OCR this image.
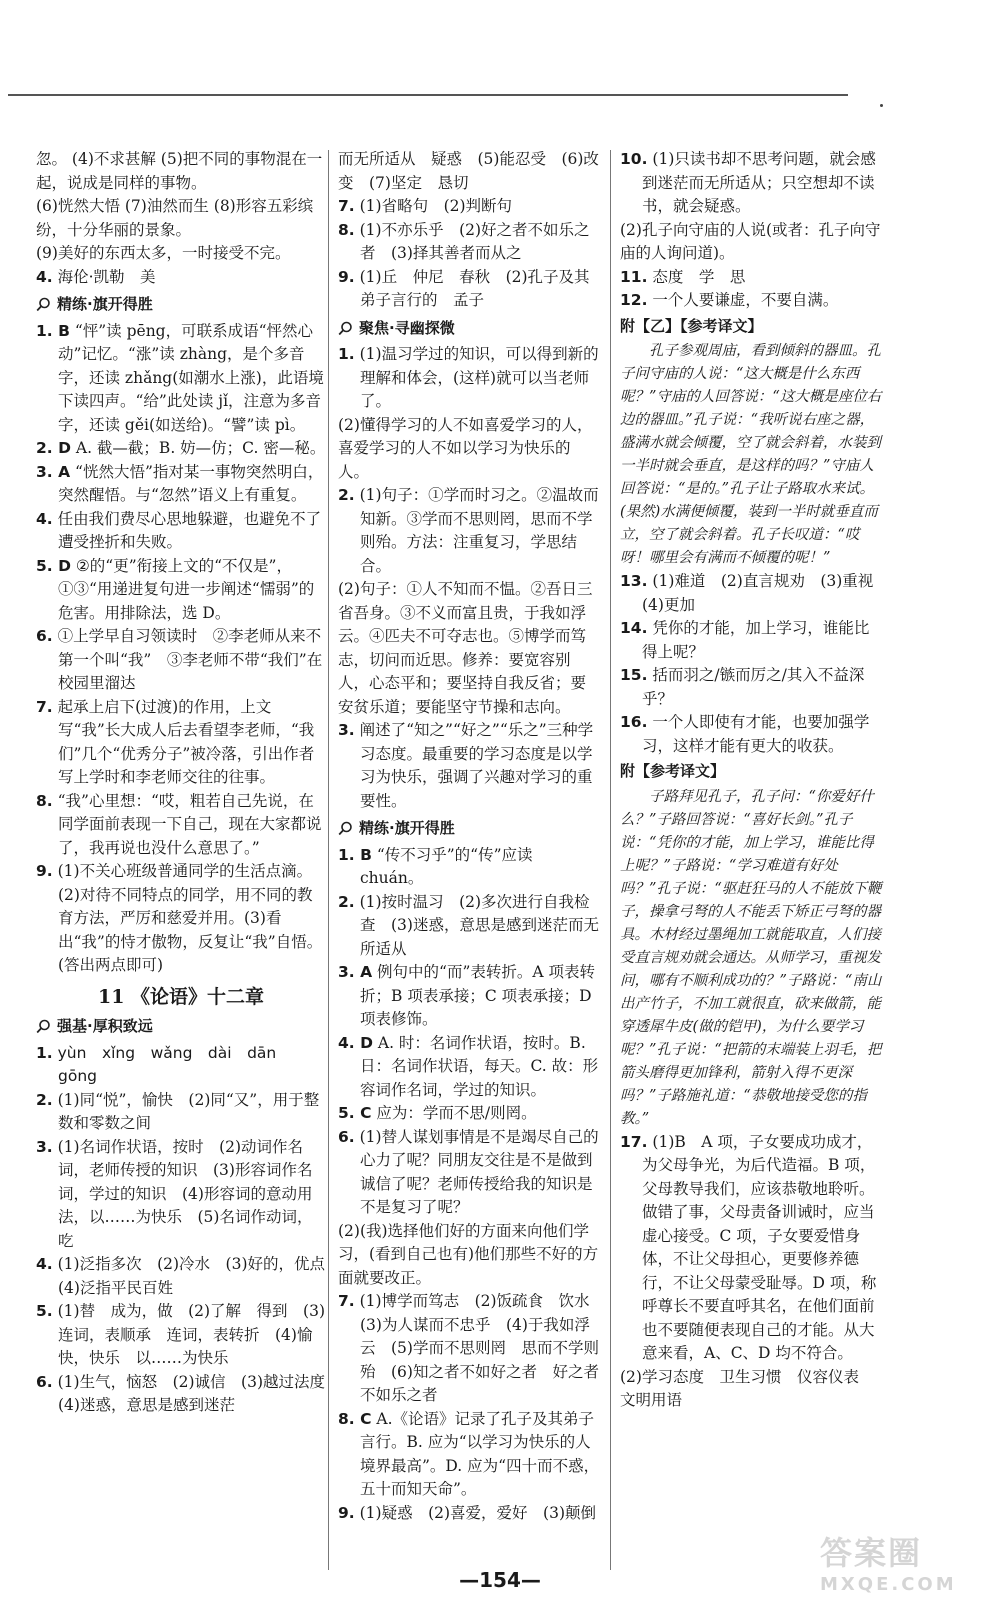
忽。 (4)不求甚解 (5)把不同的事物混在一起，说成是同样的事物。

(6)恍然大悟 (7)油然而生 (8)形容五彩缤纷，十分华丽的景象。

(9)美好的东西太多，一时接受不完。

4. 海伦·凯勒　美

精练·旗开得胜

1. B “怦”读 pēng，可联系成语“怦然心动”记忆。“涨”读 zhàng，是个多音字，还读 zhǎng(如潮水上涨)，此语境下读四声。“给”此处读 jǐ，注意为多音字，还读 gěi(如送给)。“譬”读 pì。

2. D A. 截—截；B. 妨—仿；C. 密—秘。

3. A “恍然大悟”指对某一事物突然明白，突然醒悟。与“忽然”语义上有重复。

4. 任由我们费尽心思地躲避，也避免不了遭受挫折和失败。

5. D ②的“更”衔接上文的“不仅是”，①③“用递进复句进一步阐述“懦弱”的危害。用排除法，选 D。

6. ①上学早自习领读时　②李老师从来不第一个叫“我”　③李老师不带“我们”在校园里溜达

7. 起承上启下(过渡)的作用，上文写“我”长大成人后去看望李老师，“我们”几个“优秀分子”被冷落，引出作者写上学时和李老师交往的往事。

8. “我”心里想：“哎，粗若自己先说，在同学面前表现一下自己，现在大家都说了，我再说也没什么意思了。”

9. (1)不关心班级普通同学的生活点滴。(2)对待不同特点的同学，用不同的教育方法，严厉和慈爱并用。(3)看出“我”的恃才傲物，反复让“我”自悟。(答出两点即可)

11 《论语》十二章
强基·厚积致远

1. yùn　xǐng　wǎng　dài　dān　gōng

2. (1)同“悦”，愉快　(2)同“又”，用于整数和零数之间

3. (1)名词作状语，按时　(2)动词作名词，老师传授的知识　(3)形容词作名词，学过的知识　(4)形容词的意动用法，以……为快乐　(5)名词作动词，吃

4. (1)泛指多次　(2)冷水　(3)好的，优点　(4)泛指平民百姓

5. (1)替　成为，做　(2)了解　得到　(3)连词，表顺承　连词，表转折　(4)愉快，快乐　以……为快乐

6. (1)生气，恼怒　(2)诚信　(3)越过法度　(4)迷惑，意思是感到迷茫

而无所适从　疑惑　(5)能忍受　(6)改变　(7)坚定　恳切

7. (1)省略句　(2)判断句

8. (1)不亦乐乎　(2)好之者不如乐之者　(3)择其善者而从之

9. (1)丘　仲尼　春秋　(2)孔子及其弟子言行的　孟子

聚焦·寻幽探微

1. (1)温习学过的知识，可以得到新的理解和体会，(这样)就可以当老师了。

(2)懂得学习的人不如喜爱学习的人，喜爱学习的人不如以学习为快乐的人。

2. (1)句子：①学而时习之。②温故而知新。③学而不思则罔，思而不学则殆。方法：注重复习，学思结合。

(2)句子：①人不知而不愠。②吾日三省吾身。③不义而富且贵，于我如浮云。④匹夫不可夺志也。⑤博学而笃志，切问而近思。修养：要宽容别人，心态平和；要坚持自我反省；要安贫乐道；要能坚守节操和志向。

3. 阐述了“知之”“好之”“乐之”三种学习态度。最重要的学习态度是以学习为快乐，强调了兴趣对学习的重要性。

精练·旗开得胜

1. B “传不习乎”的“传”应读 chuán。

2. (1)按时温习　(2)多次进行自我检查　(3)迷惑，意思是感到迷茫而无所适从

3. A 例句中的“而”表转折。A 项表转折；B 项表承接；C 项表承接；D 项表修饰。

4. D A. 时：名词作状语，按时。B. 日：名词作状语，每天。C. 故：形容词作名词，学过的知识。

5. C 应为：学而不思/则罔。

6. (1)替人谋划事情是不是竭尽自己的心力了呢？同朋友交往是不是做到诚信了呢？老师传授给我的知识是不是复习了呢？

(2)(我)选择他们好的方面来向他们学习，(看到自己也有)他们那些不好的方面就要改正。

7. (1)博学而笃志　(2)饭疏食　饮水　(3)为人谋而不忠乎　(4)于我如浮云　(5)学而不思则罔　思而不学则殆　(6)知之者不如好之者　好之者不如乐之者

8. C A.《论语》记录了孔子及其弟子言行。B. 应为“以学习为快乐的人境界最高”。D. 应为“四十而不惑，五十而知天命”。

9. (1)疑惑　(2)喜爱，爱好　(3)颠倒

10. (1)只读书却不思考问题，就会感到迷茫而无所适从；只空想却不读书，就会疑惑。

(2)孔子向守庙的人说(或者：孔子向守庙的人询问道)。

11. 态度　学　思

12. 一个人要谦虚，不要自满。

附【乙】【参考译文】

孔子参观周庙，看到倾斜的器皿。孔子问守庙的人说：“这大概是什么东西呢？”守庙的人回答说：“这大概是座位右边的器皿。”孔子说：“我听说右座之器，盛满水就会倾覆，空了就会斜着，水装到一半时就会垂直，是这样的吗？”守庙人回答说：“是的。”孔子让子路取水来试。(果然)水满便倾覆，装到一半时就垂直而立，空了就会斜着。孔子长叹道：“哎呀！哪里会有满而不倾覆的呢！”

13. (1)难道　(2)直言规劝　(3)重视　(4)更加

14. 凭你的才能，加上学习，谁能比得上呢？

15. 括而羽之/镞而厉之/其入不益深乎？

16. 一个人即使有才能，也要加强学习，这样才能有更大的收获。

附【参考译文】

子路拜见孔子，孔子问：“你爱好什么？”子路回答说：“喜好长剑。”孔子说：“凭你的才能，加上学习，谁能比得上呢？”子路说：“学习难道有好处吗？”孔子说：“驱赶狂马的人不能放下鞭子，操拿弓弩的人不能丢下矫正弓弩的器具。木材经过墨绳加工就能取直，人们接受直言规劝就会通达。从师学习，重视发问，哪有不顺利成功的？”子路说：“南山出产竹子，不加工就很直，砍来做箭，能穿透犀牛皮(做的铠甲)，为什么要学习呢？”孔子说：“把箭的末端装上羽毛，把箭头磨得更加锋利，箭射入得不更深吗？”子路施礼道：“恭敬地接受您的指教。”

17. (1)B　A 项，子女要成功成才，为父母争光，为后代造福。B 项，父母教导我们，应该恭敬地聆听。做错了事，父母责备训诫时，应当虚心接受。C 项，子女要爱惜身体，不让父母担心，更要修养德行，不让父母蒙受耻辱。D 项，称呼尊长不要直呼其名，在他们面前也不要随便表现自己的才能。从大意来看，A、C、D 均不符合。

(2)学习态度　卫生习惯　仪容仪表　文明用语

—154—
答案圈
MXQE.COM
